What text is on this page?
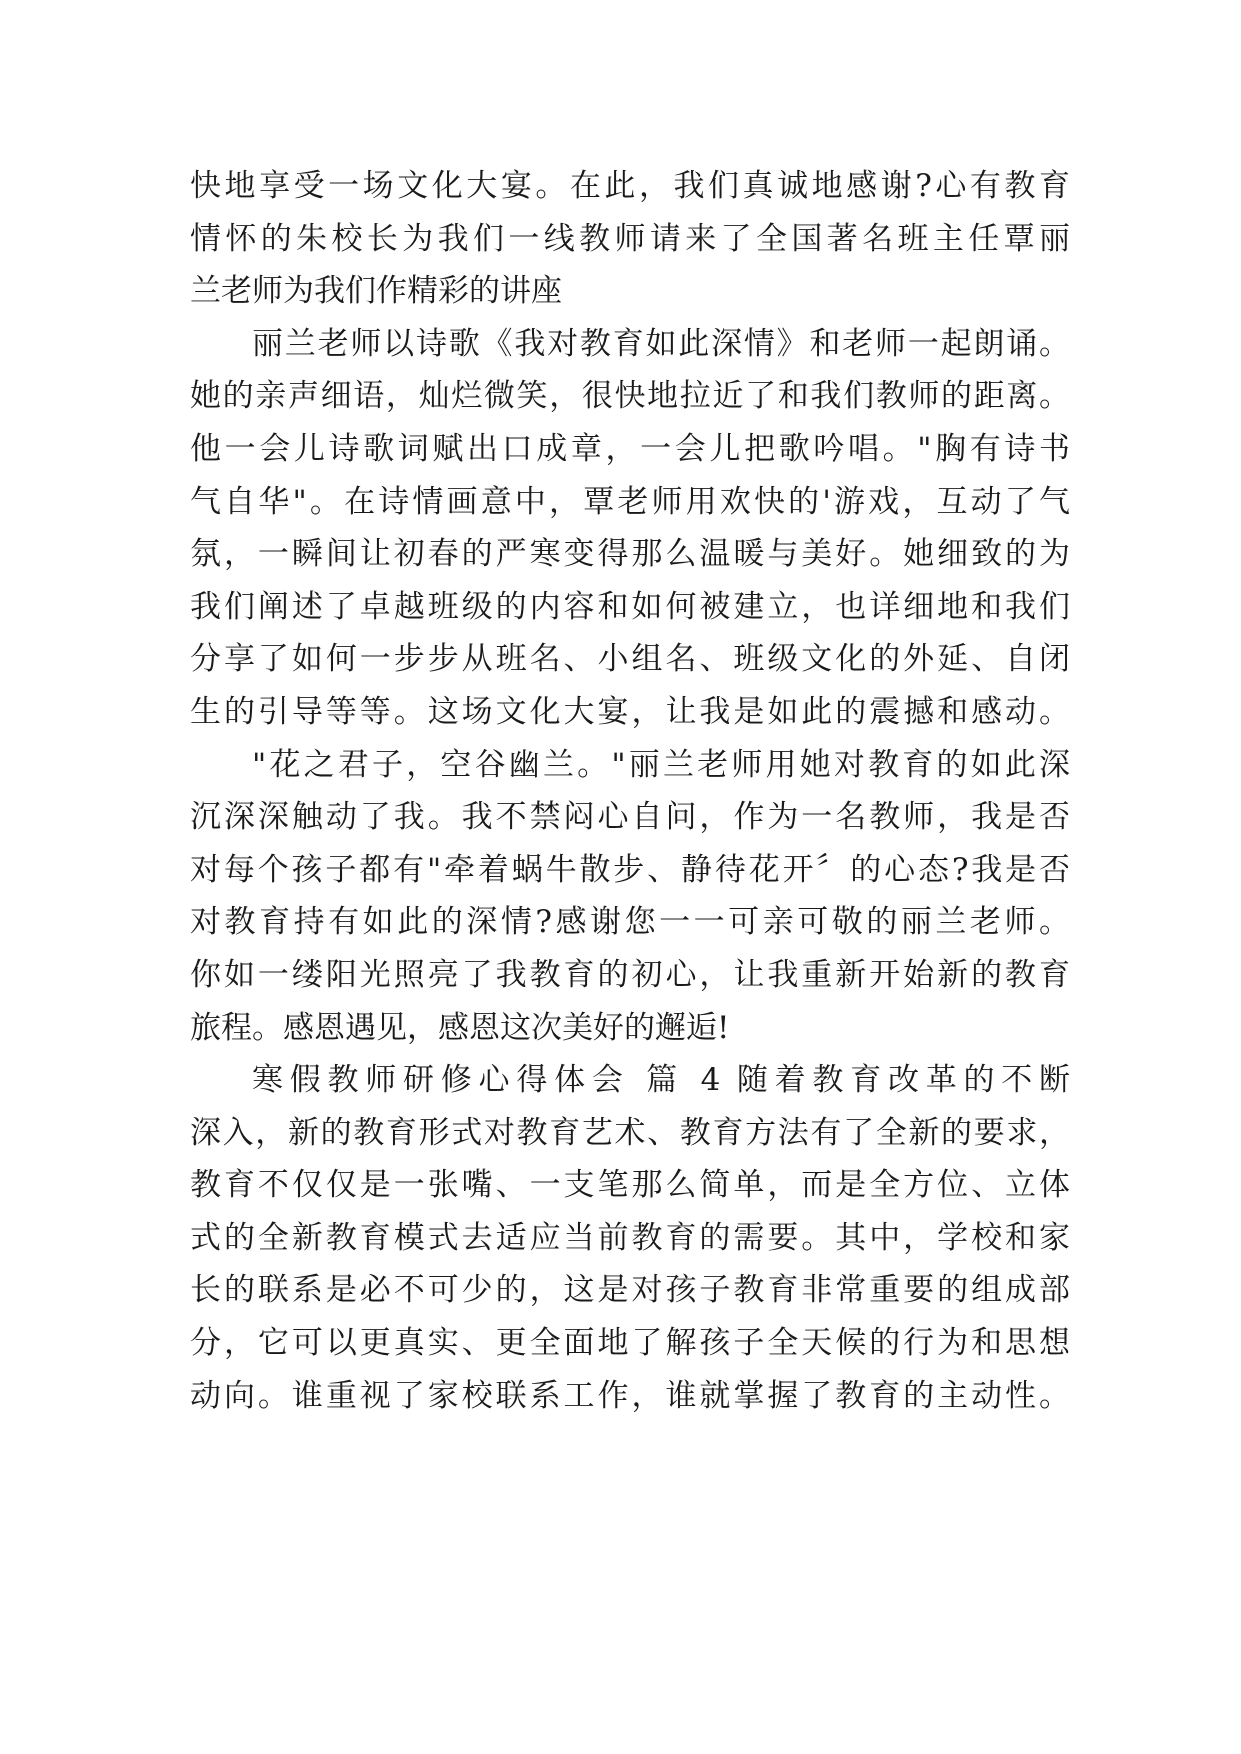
快地享受一场文化大宴。在此，我们真诚地感谢?心有教育
情怀的朱校长为我们一线教师请来了全国著名班主任覃丽
兰老师为我们作精彩的讲座
丽兰老师以诗歌《我对教育如此深情》和老师一起朗诵。
她的亲声细语，灿烂微笑，很快地拉近了和我们教师的距离。
他一会儿诗歌词赋出口成章，一会儿把歌吟唱。"胸有诗书
气自华"。在诗情画意中，覃老师用欢快的'游戏，互动了气
氛，一瞬间让初春的严寒变得那么温暖与美好。她细致的为
我们阐述了卓越班级的内容和如何被建立，也详细地和我们
分享了如何一步步从班名、小组名、班级文化的外延、自闭
生的引导等等。这场文化大宴，让我是如此的震撼和感动。
"花之君子，空谷幽兰。"丽兰老师用她对教育的如此深
沉深深触动了我。我不禁闷心自问，作为一名教师，我是否
对每个孩子都有"牵着蜗牛散步、静待花开〞的心态?我是否
对教育持有如此的深情?感谢您一一可亲可敬的丽兰老师。
你如一缕阳光照亮了我教育的初心，让我重新开始新的教育
旅程。感恩遇见，感恩这次美好的邂逅!
寒假教师研修心得体会 篇 4 随着教育改革的不断
深入，新的教育形式对教育艺术、教育方法有了全新的要求，
教育不仅仅是一张嘴、一支笔那么简单，而是全方位、立体
式的全新教育模式去适应当前教育的需要。其中，学校和家
长的联系是必不可少的，这是对孩子教育非常重要的组成部
分，它可以更真实、更全面地了解孩子全天候的行为和思想
动向。谁重视了家校联系工作，谁就掌握了教育的主动性。
